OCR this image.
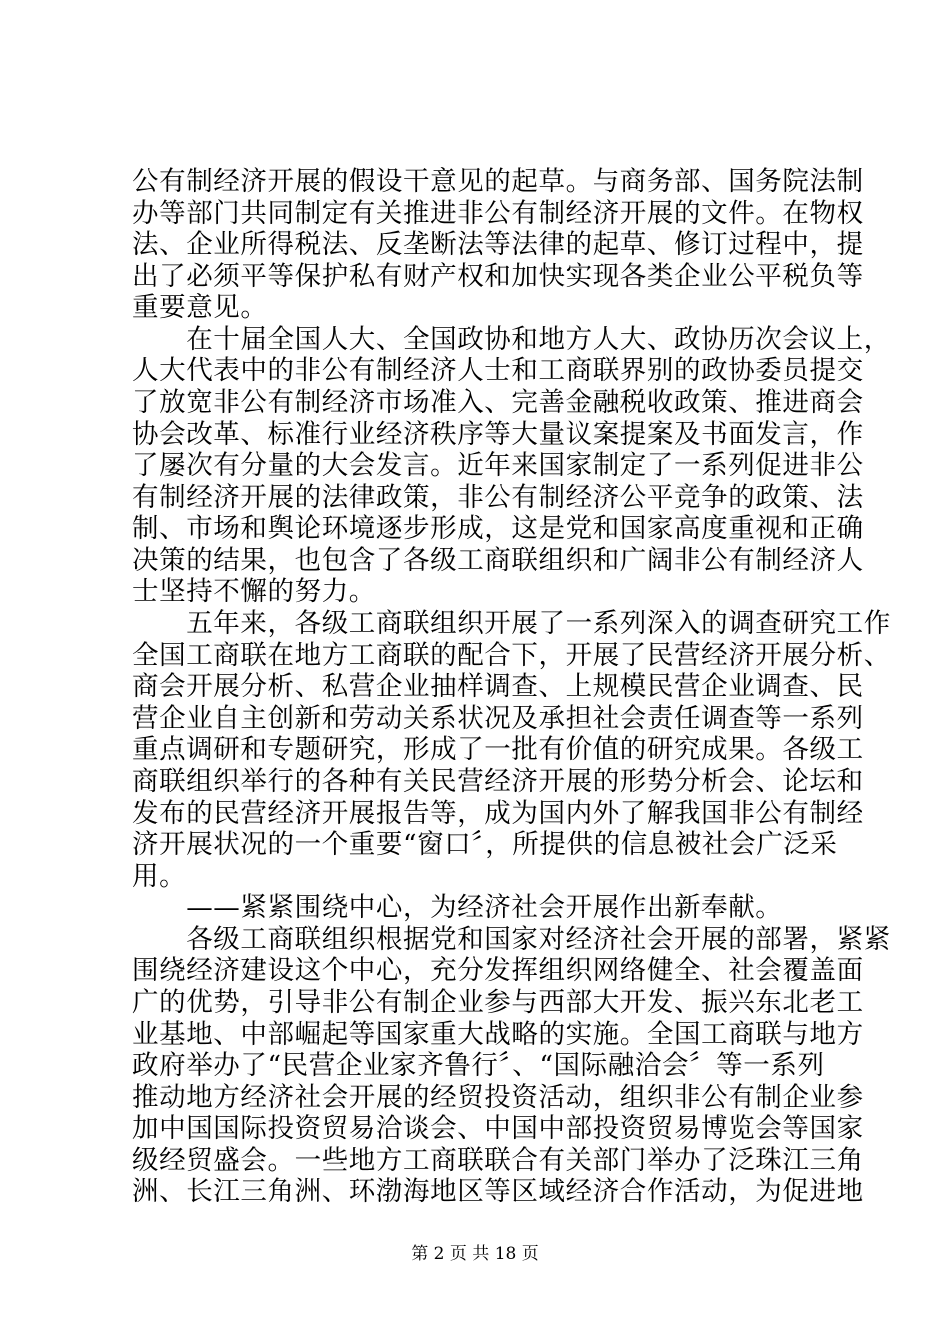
公有制经济开展的假设干意见的起草。与商务部、国务院法制
办等部门共同制定有关推进非公有制经济开展的文件。在物权
法、企业所得税法、反垄断法等法律的起草、修订过程中，提
出了必须平等保护私有财产权和加快实现各类企业公平税负等
重要意见。
　　在十届全国人大、全国政协和地方人大、政协历次会议上，
人大代表中的非公有制经济人士和工商联界别的政协委员提交
了放宽非公有制经济市场准入、完善金融税收政策、推进商会
协会改革、标准行业经济秩序等大量议案提案及书面发言，作
了屡次有分量的大会发言。近年来国家制定了一系列促进非公
有制经济开展的法律政策，非公有制经济公平竞争的政策、法
制、市场和舆论环境逐步形成，这是党和国家高度重视和正确
决策的结果，也包含了各级工商联组织和广阔非公有制经济人
士坚持不懈的努力。
　　五年来，各级工商联组织开展了一系列深入的调查研究工作
全国工商联在地方工商联的配合下，开展了民营经济开展分析、
商会开展分析、私营企业抽样调查、上规模民营企业调查、民
营企业自主创新和劳动关系状况及承担社会责任调查等一系列
重点调研和专题研究，形成了一批有价值的研究成果。各级工
商联组织举行的各种有关民营经济开展的形势分析会、论坛和
发布的民营经济开展报告等，成为国内外了解我国非公有制经
济开展状况的一个重要“窗口〞，所提供的信息被社会广泛采
用。
　　——紧紧围绕中心，为经济社会开展作出新奉献。
　　各级工商联组织根据党和国家对经济社会开展的部署，紧紧
围绕经济建设这个中心，充分发挥组织网络健全、社会覆盖面
广的优势，引导非公有制企业参与西部大开发、振兴东北老工
业基地、中部崛起等国家重大战略的实施。全国工商联与地方
政府举办了“民营企业家齐鲁行〞、“国际融洽会〞等一系列
推动地方经济社会开展的经贸投资活动，组织非公有制企业参
加中国国际投资贸易洽谈会、中国中部投资贸易博览会等国家
级经贸盛会。一些地方工商联联合有关部门举办了泛珠江三角
洲、长江三角洲、环渤海地区等区域经济合作活动，为促进地
第 2 页 共 18 页
